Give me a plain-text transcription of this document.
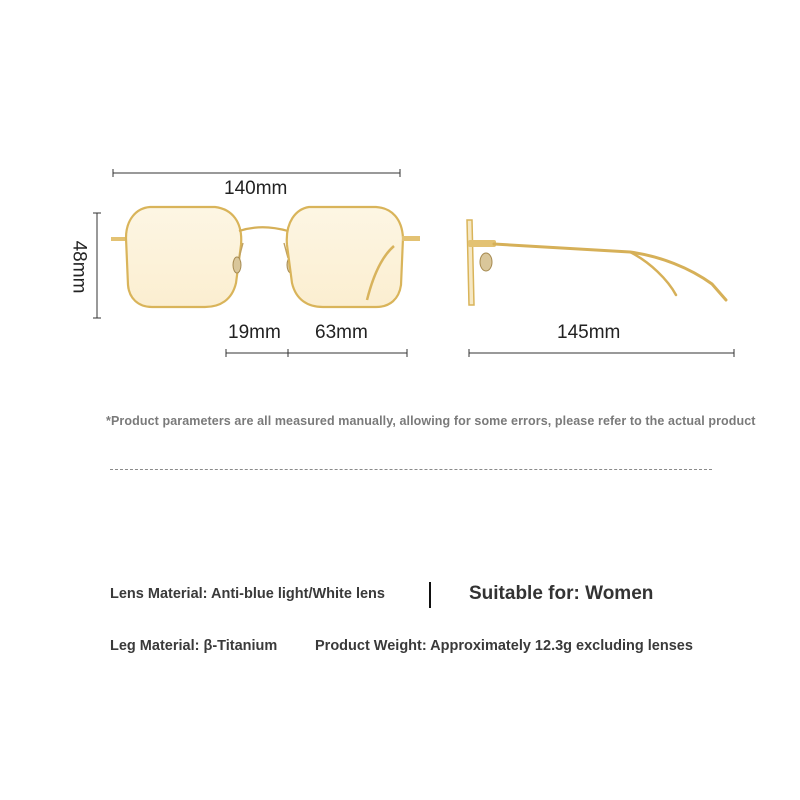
140mm
48mm
19mm 63mm	145mm
*Product parameters are all measured manually, allowing for some errors, please refer to the actual product
Lens Material: Anti-blue light/White lens	Suitable for: Women
Leg Material: β-Titanium	Product Weight: Approximately 12.3g excluding lenses
